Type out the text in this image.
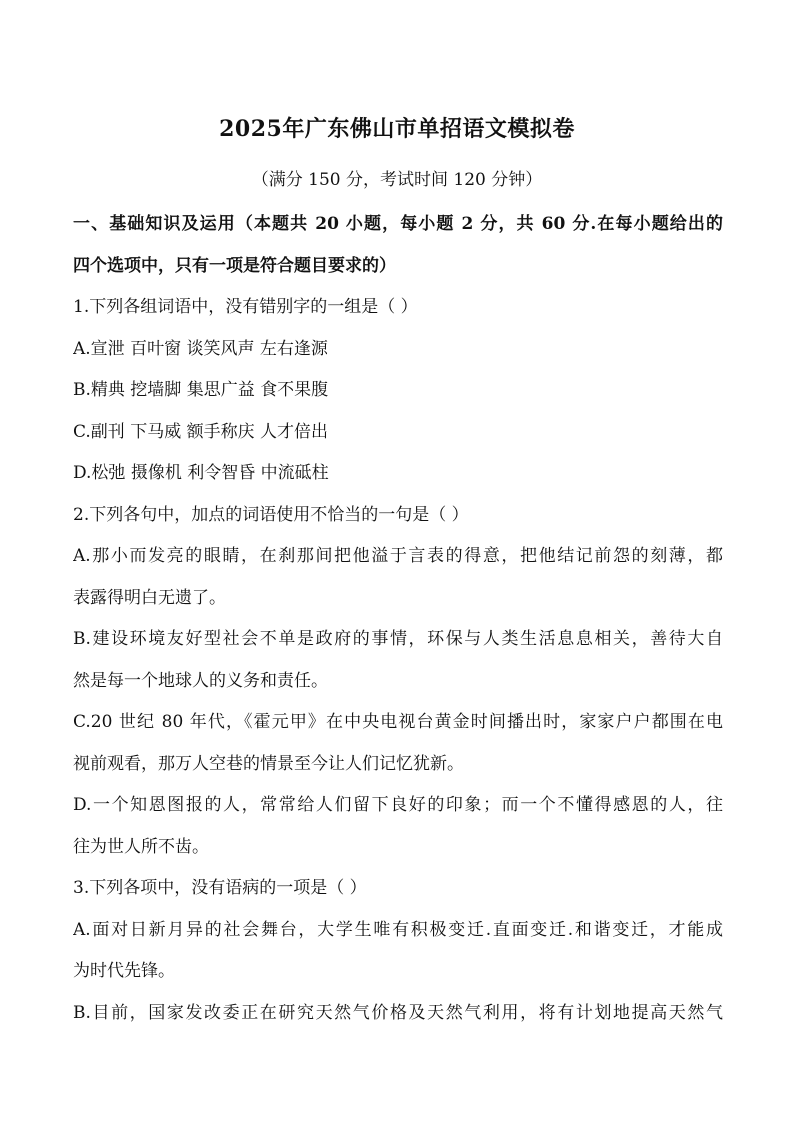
2025年广东佛山市单招语文模拟卷
（满分 150 分，考试时间 120 分钟）
一、基础知识及运用（本题共 20 小题，每小题 2 分，共 60 分.在每小题给出的
四个选项中，只有一项是符合题目要求的）
1.下列各组词语中，没有错别字的一组是（ ）
A.宣泄 百叶窗 谈笑风声 左右逢源
B.精典 挖墙脚 集思广益 食不果腹
C.副刊 下马威 额手称庆 人才倍出
D.松弛 摄像机 利令智昏 中流砥柱
2.下列各句中，加点的词语使用不恰当的一句是（ ）
A.那小而发亮的眼睛，在刹那间把他溢于言表的得意，把他结记前怨的刻薄，都
表露得明白无遗了。
B.建设环境友好型社会不单是政府的事情，环保与人类生活息息相关，善待大自
然是每一个地球人的义务和责任。
C.20 世纪 80 年代，《霍元甲》在中央电视台黄金时间播出时，家家户户都围在电
视前观看，那万人空巷的情景至今让人们记忆犹新。
D.一个知恩图报的人，常常给人们留下良好的印象；而一个不懂得感恩的人，往
往为世人所不齿。
3.下列各项中，没有语病的一项是（ ）
A.面对日新月异的社会舞台，大学生唯有积极变迁.直面变迁.和谐变迁，才能成
为时代先锋。
B.目前，国家发改委正在研究天然气价格及天然气利用，将有计划地提高天然气
